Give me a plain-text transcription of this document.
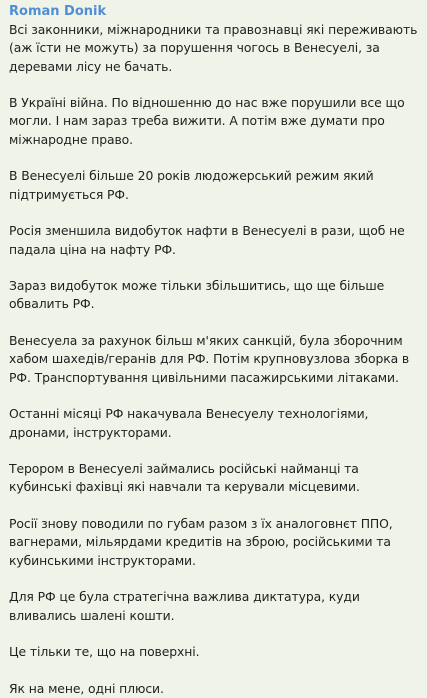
Roman Donik

Всі законники, міжнародники та правознавці які переживають (аж їсти не можуть) за порушення чогось в Венесуелі, за деревами лісу не бачать.

В Україні війна. По відношенню до нас вже порушили все що могли. І нам зараз треба вижити. А потім вже думати про міжнародне право.

В Венесуелі більше 20 років людожерський режим який підтримується РФ.

Росія зменшила видобуток нафти в Венесуелі в рази, щоб не падала ціна на нафту РФ.

Зараз видобуток може тільки збільшитись, що ще більше обвалить РФ.

Венесуела за рахунок більш м'яких санкцій, була зборочним хабом шахедів/геранів для РФ. Потім крупновузлова зборка в РФ. Транспортування цивільними пасажирськими літаками.

Останні місяці РФ накачувала Венесуелу технологіями, дронами, інструкторами.

Терором в Венесуелі займались російські найманці та кубинські фахівці які навчали та керували місцевими.

Росії знову поводили по губам разом з їх аналоговнєт ППО, вагнерами, мільярдами кредитів на зброю, російськими та кубинськими інструкторами.

Для РФ це була стратегічна важлива диктатура, куди вливались шалені кошти.

Це тільки те, що на поверхні.

Як на мене, одні плюси.
